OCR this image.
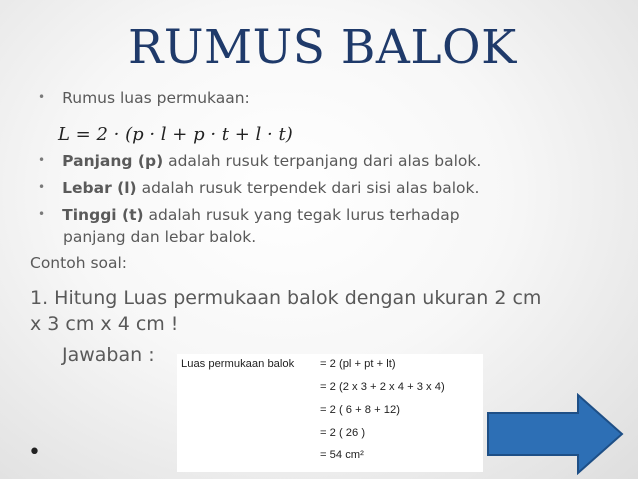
RUMUS BALOK
• Rumus luas permukaan:
L = 2 · (p · l + p · t + l · t)
• Panjang (p) adalah rusuk terpanjang dari alas balok.
• Lebar (l) adalah rusuk terpendek dari sisi alas balok.
• Tinggi (t) adalah rusuk yang tegak lurus terhadap
panjang dan lebar balok.
Contoh soal:
1. Hitung Luas permukaan balok dengan ukuran 2 cm
x 3 cm x 4 cm !
Jawaban : Luas permukaan balok = 2 (pl + pt + lt)
= 2 (2 x 3 + 2 x 4 + 3 x 4)
= 2 ( 6 + 8 + 12)
= 2 ( 26 )
= 54 cm²
•
